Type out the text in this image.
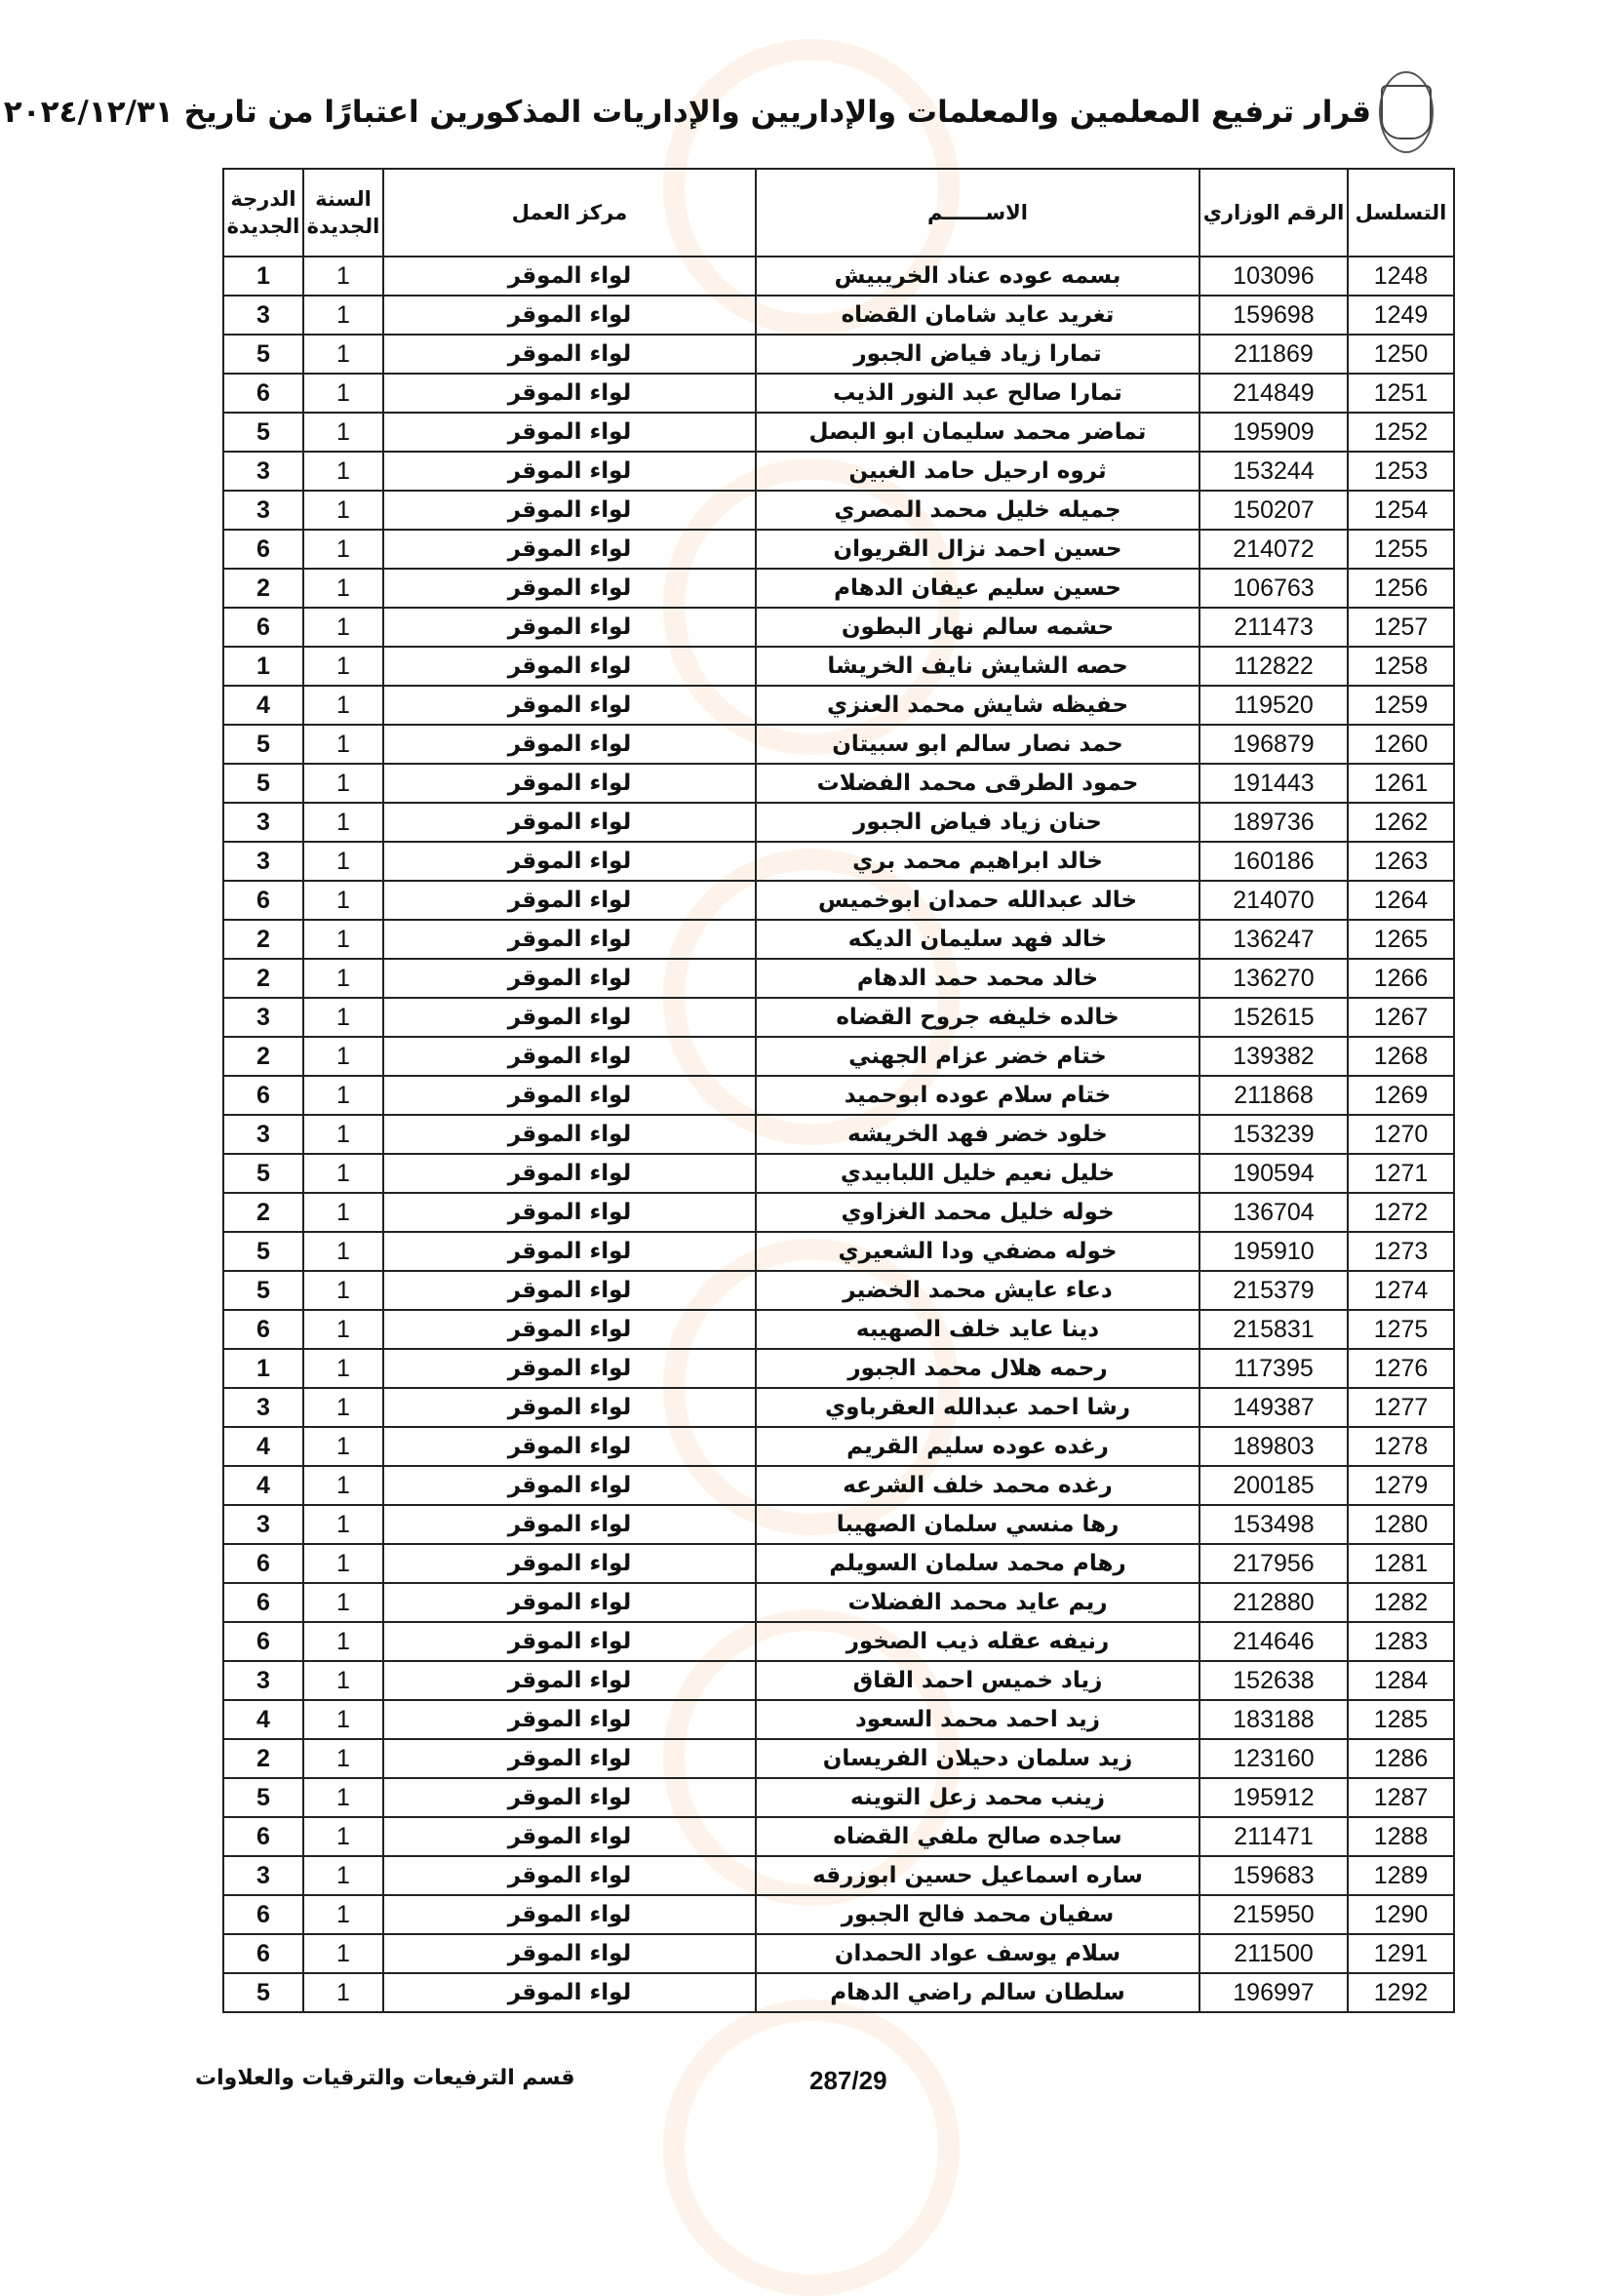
قرار ترفيع المعلمين والمعلمات والإداريين والإداريات المذكورين اعتبارًا من تاريخ ٢٠٢٤/١٢/٣١
التسلسل	الرقم الوزاري	الاســــــم	مركز العمل	السنة الجديدة	الدرجة الجديدة
1248	103096	بسمه عوده عناد الخريبيش	لواء الموقر	1	1
1249	159698	تغريد عايد شامان القضاه	لواء الموقر	1	3
1250	211869	تمارا زياد فياض الجبور	لواء الموقر	1	5
1251	214849	تمارا صالح عبد النور الذيب	لواء الموقر	1	6
1252	195909	تماضر محمد سليمان ابو البصل	لواء الموقر	1	5
1253	153244	ثروه ارحيل حامد الغبين	لواء الموقر	1	3
1254	150207	جميله خليل محمد المصري	لواء الموقر	1	3
1255	214072	حسين احمد نزال القريوان	لواء الموقر	1	6
1256	106763	حسين سليم عيفان الدهام	لواء الموقر	1	2
1257	211473	حشمه سالم نهار البطون	لواء الموقر	1	6
1258	112822	حصه الشايش نايف الخريشا	لواء الموقر	1	1
1259	119520	حفيظه شايش محمد العنزي	لواء الموقر	1	4
1260	196879	حمد نصار سالم ابو سبيتان	لواء الموقر	1	5
1261	191443	حمود الطرقى محمد الفضلات	لواء الموقر	1	5
1262	189736	حنان زياد فياض الجبور	لواء الموقر	1	3
1263	160186	خالد ابراهيم محمد بري	لواء الموقر	1	3
1264	214070	خالد عبدالله حمدان ابوخميس	لواء الموقر	1	6
1265	136247	خالد فهد سليمان الديكه	لواء الموقر	1	2
1266	136270	خالد محمد حمد الدهام	لواء الموقر	1	2
1267	152615	خالده خليفه جروح القضاه	لواء الموقر	1	3
1268	139382	ختام خضر عزام الجهني	لواء الموقر	1	2
1269	211868	ختام سلام عوده ابوحميد	لواء الموقر	1	6
1270	153239	خلود خضر فهد الخريشه	لواء الموقر	1	3
1271	190594	خليل نعيم خليل اللبابيدي	لواء الموقر	1	5
1272	136704	خوله خليل محمد الغزاوي	لواء الموقر	1	2
1273	195910	خوله مضفي ودا الشعيري	لواء الموقر	1	5
1274	215379	دعاء عايش محمد الخضير	لواء الموقر	1	5
1275	215831	دينا عايد خلف الصهيبه	لواء الموقر	1	6
1276	117395	رحمه هلال محمد الجبور	لواء الموقر	1	1
1277	149387	رشا احمد عبدالله العقرباوي	لواء الموقر	1	3
1278	189803	رغده عوده سليم القريم	لواء الموقر	1	4
1279	200185	رغده محمد خلف الشرعه	لواء الموقر	1	4
1280	153498	رها منسي سلمان الصهيبا	لواء الموقر	1	3
1281	217956	رهام محمد سلمان السويلم	لواء الموقر	1	6
1282	212880	ريم عايد محمد الفضلات	لواء الموقر	1	6
1283	214646	رنيفه عقله ذيب الصخور	لواء الموقر	1	6
1284	152638	زياد خميس احمد القاق	لواء الموقر	1	3
1285	183188	زيد احمد محمد السعود	لواء الموقر	1	4
1286	123160	زيد سلمان دحيلان الفريسان	لواء الموقر	1	2
1287	195912	زينب محمد زعل التوينه	لواء الموقر	1	5
1288	211471	ساجده صالح ملفي القضاه	لواء الموقر	1	6
1289	159683	ساره اسماعيل حسين ابوزرقه	لواء الموقر	1	3
1290	215950	سفيان محمد فالح الجبور	لواء الموقر	1	6
1291	211500	سلام يوسف عواد الحمدان	لواء الموقر	1	6
1292	196997	سلطان سالم راضي الدهام	لواء الموقر	1	5
287/29
قسم الترفيعات والترقيات والعلاوات
